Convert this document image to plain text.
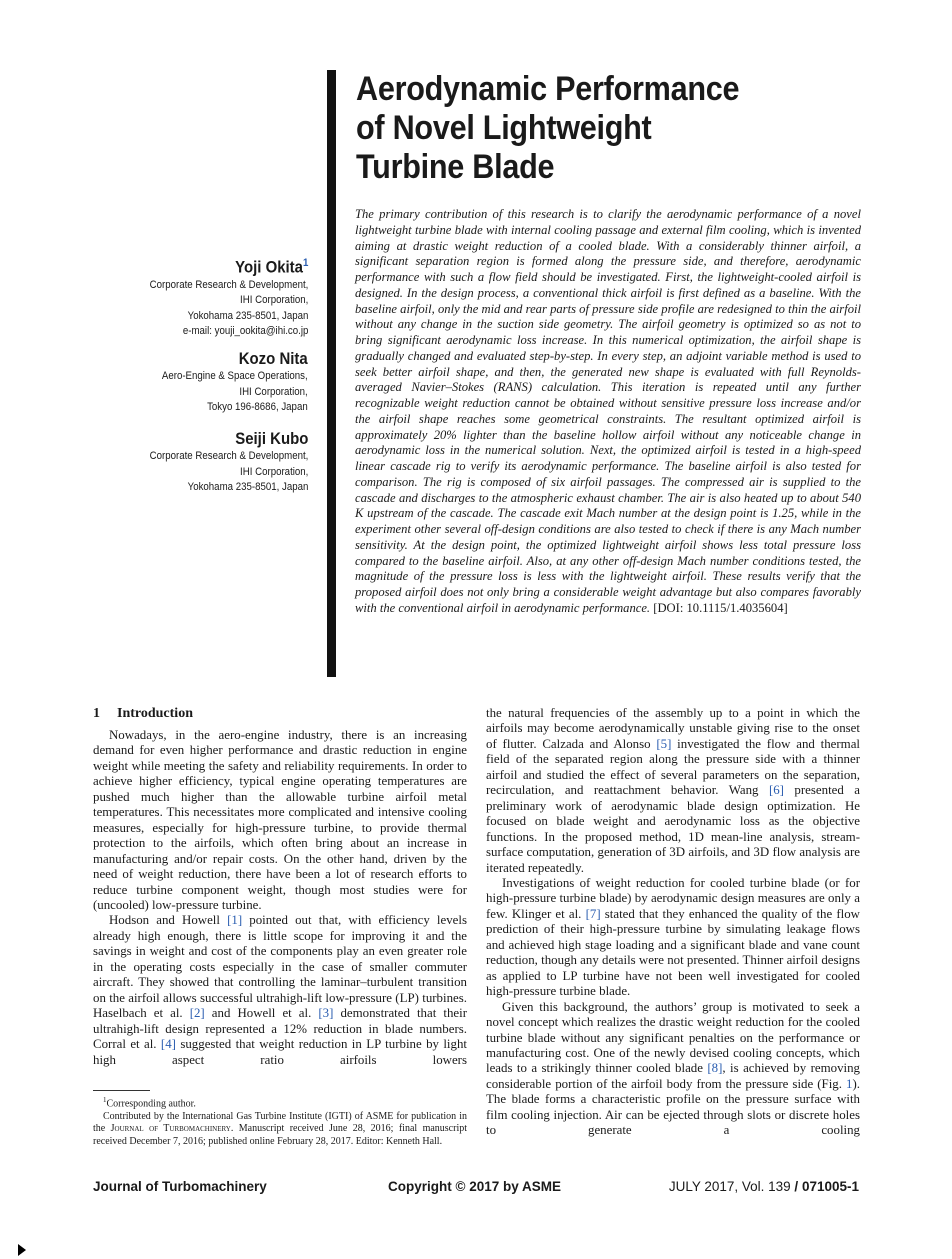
Aerodynamic Performance
of Novel Lightweight
Turbine Blade
Yoji Okita$^1$
Corporate Research & Development,
IHI Corporation,
Yokohama 235-8501, Japan
e-mail: youji_ookita@ihi.co.jp
Kozo Nita
Aero-Engine & Space Operations,
IHI Corporation,
Tokyo 196-8686, Japan
Seiji Kubo
Corporate Research & Development,
IHI Corporation,
Yokohama 235-8501, Japan

The primary contribution of this research is to clarify the aerodynamic performance of a novel lightweight turbine blade with internal cooling passage and external film cooling, which is invented aiming at drastic weight reduction of a cooled blade. With a considerably thinner airfoil, a significant separation region is formed along the pressure side, and therefore, aerodynamic performance with such a flow field should be investigated. First, the lightweight-cooled airfoil is designed. In the design process, a conventional thick airfoil is first defined as a baseline. With the baseline airfoil, only the mid and rear parts of pressure side profile are redesigned to thin the airfoil without any change in the suction side geometry. The airfoil geometry is optimized so as not to bring significant aerodynamic loss increase. In this numerical optimization, the airfoil shape is gradually changed and evaluated step-by-step. In every step, an adjoint variable method is used to seek better airfoil shape, and then, the generated new shape is evaluated with full Reynolds-averaged Navier–Stokes (RANS) calculation. This iteration is repeated until any further recognizable weight reduction cannot be obtained without sensitive pressure loss increase and/or the airfoil shape reaches some geometrical constraints. The resultant optimized airfoil is approximately 20% lighter than the baseline hollow airfoil without any noticeable change in aerodynamic loss in the numerical solution. Next, the optimized airfoil is tested in a high-speed linear cascade rig to verify its aerodynamic performance. The baseline airfoil is also tested for comparison. The rig is composed of six airfoil passages. The compressed air is supplied to the cascade and discharges to the atmospheric exhaust chamber. The air is also heated up to about 540 K upstream of the cascade. The cascade exit Mach number at the design point is 1.25, while in the experiment other several off-design conditions are also tested to check if there is any Mach number sensitivity. At the design point, the optimized lightweight airfoil shows less total pressure loss compared to the baseline airfoil. Also, at any other off-design Mach number conditions tested, the magnitude of the pressure loss is less with the lightweight airfoil. These results verify that the proposed airfoil does not only bring a considerable weight advantage but also compares favorably with the conventional airfoil in aerodynamic performance. [DOI: 10.1115/1.4035604]

1 Introduction

Nowadays, in the aero-engine industry, there is an increasing demand for even higher performance and drastic reduction in engine weight while meeting the safety and reliability requirements. In order to achieve higher efficiency, typical engine operating temperatures are pushed much higher than the allowable turbine airfoil metal temperatures. This necessitates more complicated and intensive cooling measures, especially for high-pressure turbine, to provide thermal protection to the airfoils, which often bring about an increase in manufacturing and/or repair costs. On the other hand, driven by the need of weight reduction, there have been a lot of research efforts to reduce turbine component weight, though most studies were for (uncooled) low-pressure turbine.

Hodson and Howell [1] pointed out that, with efficiency levels already high enough, there is little scope for improving it and the savings in weight and cost of the components play an even greater role in the operating costs especially in the case of smaller commuter aircraft. They showed that controlling the laminar–turbulent transition on the airfoil allows successful ultrahigh-lift low-pressure (LP) turbines. Haselbach et al. [2] and Howell et al. [3] demonstrated that their ultrahigh-lift design represented a 12% reduction in blade numbers. Corral et al. [4] suggested that weight reduction in LP turbine by light high aspect ratio airfoils lowers

the natural frequencies of the assembly up to a point in which the airfoils may become aerodynamically unstable giving rise to the onset of flutter. Calzada and Alonso [5] investigated the flow and thermal field of the separated region along the pressure side with a thinner airfoil and studied the effect of several parameters on the separation, recirculation, and reattachment behavior. Wang [6] presented a preliminary work of aerodynamic blade design optimization. He focused on blade weight and aerodynamic loss as the objective functions. In the proposed method, 1D mean-line analysis, stream-surface computation, generation of 3D airfoils, and 3D flow analysis are iterated repeatedly.

Investigations of weight reduction for cooled turbine blade (or for high-pressure turbine blade) by aerodynamic design measures are only a few. Klinger et al. [7] stated that they enhanced the quality of the flow prediction of their high-pressure turbine by simulating leakage flows and achieved high stage loading and a significant blade and vane count reduction, though any details were not presented. Thinner airfoil designs as applied to LP turbine have not been well investigated for cooled high-pressure turbine blade.

Given this background, the authors’ group is motivated to seek a novel concept which realizes the drastic weight reduction for the cooled turbine blade without any significant penalties on the performance or manufacturing cost. One of the newly devised cooling concepts, which leads to a strikingly thinner cooled blade [8], is achieved by removing considerable portion of the airfoil body from the pressure side (Fig. 1). The blade forms a characteristic profile on the pressure surface with film cooling injection. Air can be ejected through slots or discrete holes to generate a cooling

$^1$Corresponding author.

Contributed by the International Gas Turbine Institute (IGTI) of ASME for publication in the Journal of Turbomachinery. Manuscript received June 28, 2016; final manuscript received December 7, 2016; published online February 28, 2017. Editor: Kenneth Hall.

Journal of Turbomachinery	Copyright © 2017 by ASME	JULY 2017, Vol. 139 / 071005-1
